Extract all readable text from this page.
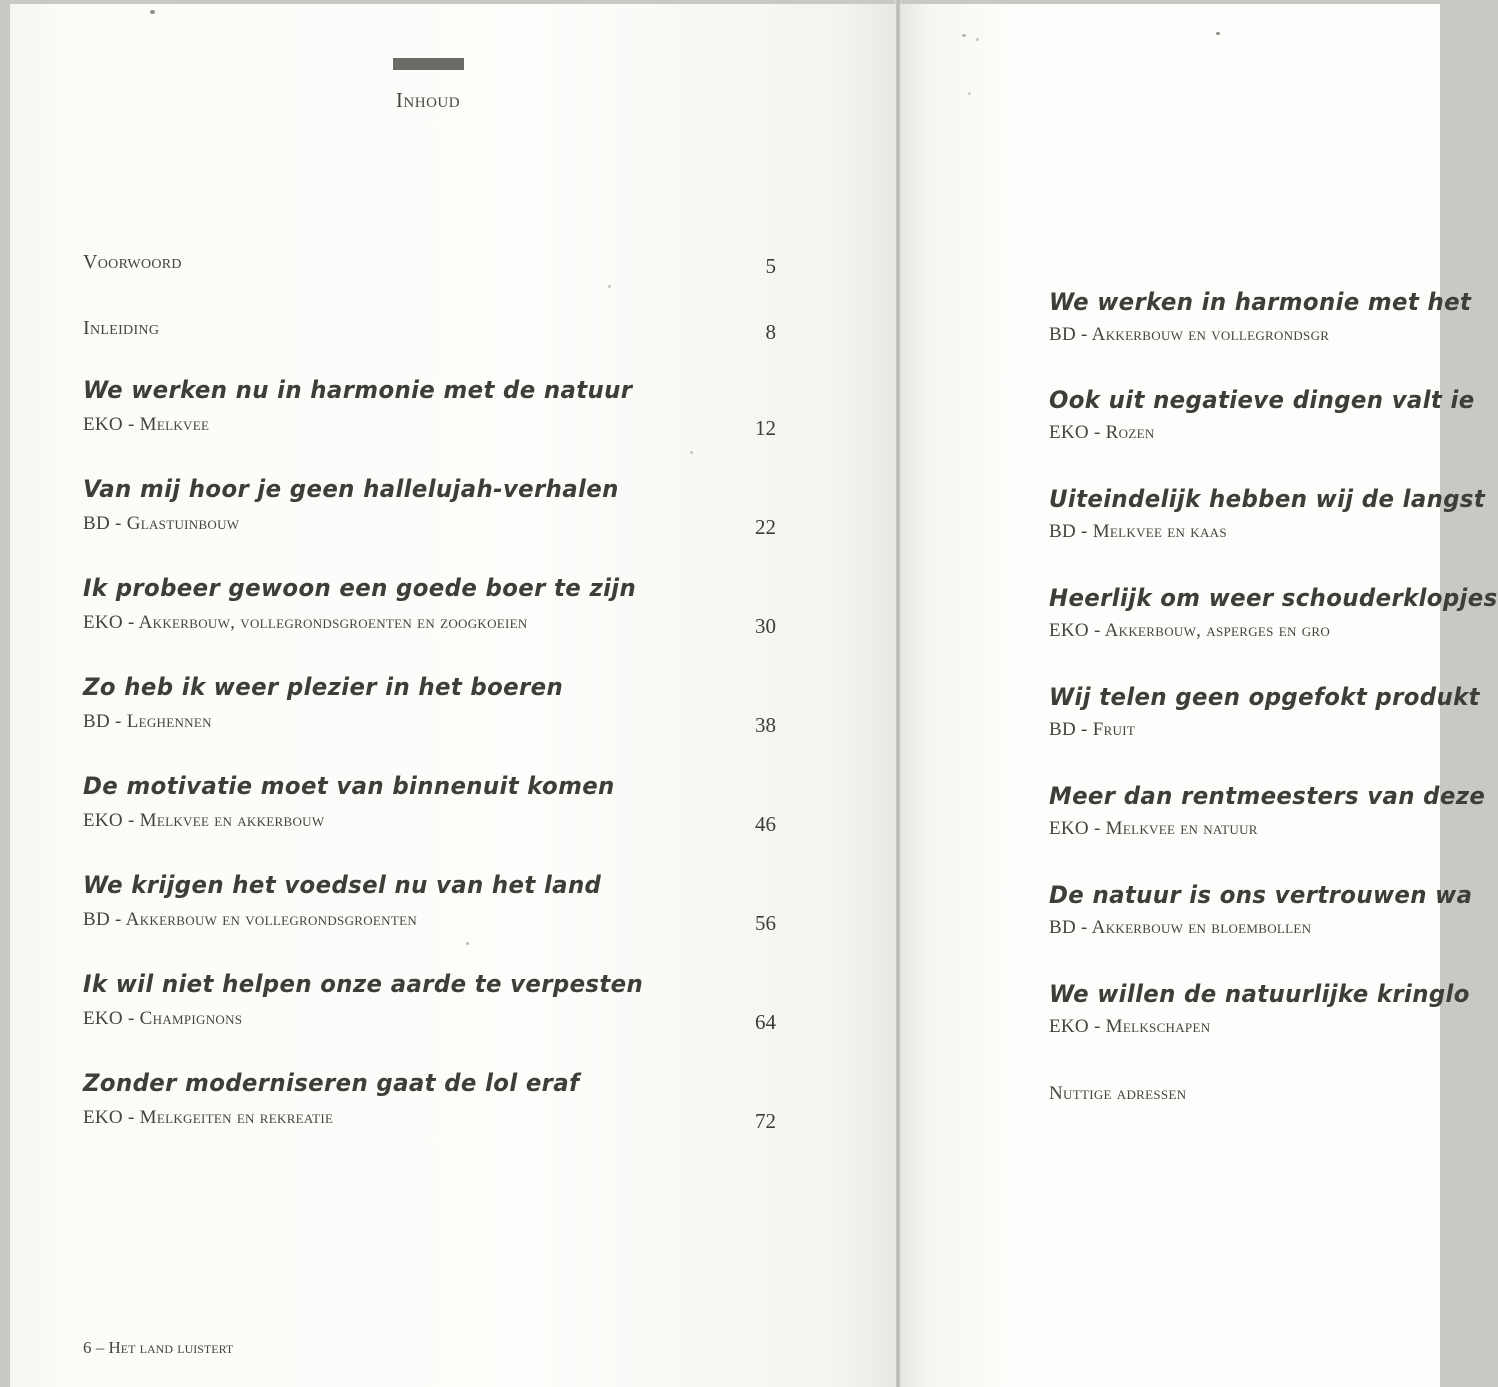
Inhoud
Voorwoord	5
Inleiding	8
We werken nu in harmonie met de natuur
EKO - Melkvee	12
Van mij hoor je geen hallelujah-verhalen
BD - Glastuinbouw	22
Ik probeer gewoon een goede boer te zijn
EKO - Akkerbouw, vollegrondsgroenten en zoogkoeien	30
Zo heb ik weer plezier in het boeren
BD - Leghennen	38
De motivatie moet van binnenuit komen
EKO - Melkvee en akkerbouw	46
We krijgen het voedsel nu van het land
BD - Akkerbouw en vollegrondsgroenten	56
Ik wil niet helpen onze aarde te verpesten
EKO - Champignons	64
Zonder moderniseren gaat de lol eraf
EKO - Melkgeiten en rekreatie	72
6 – Het land luistert
We werken in harmonie met het
BD - Akkerbouw en vollegrondsgr
Ook uit negatieve dingen valt ie
EKO - Rozen
Uiteindelijk hebben wij de langst
BD - Melkvee en kaas
Heerlijk om weer schouderklopjes
EKO - Akkerbouw, asperges en gro
Wij telen geen opgefokt produkt
BD - Fruit
Meer dan rentmeesters van deze
EKO - Melkvee en natuur
De natuur is ons vertrouwen wa
BD - Akkerbouw en bloembollen
We willen de natuurlijke kringlo
EKO - Melkschapen
Nuttige adressen
